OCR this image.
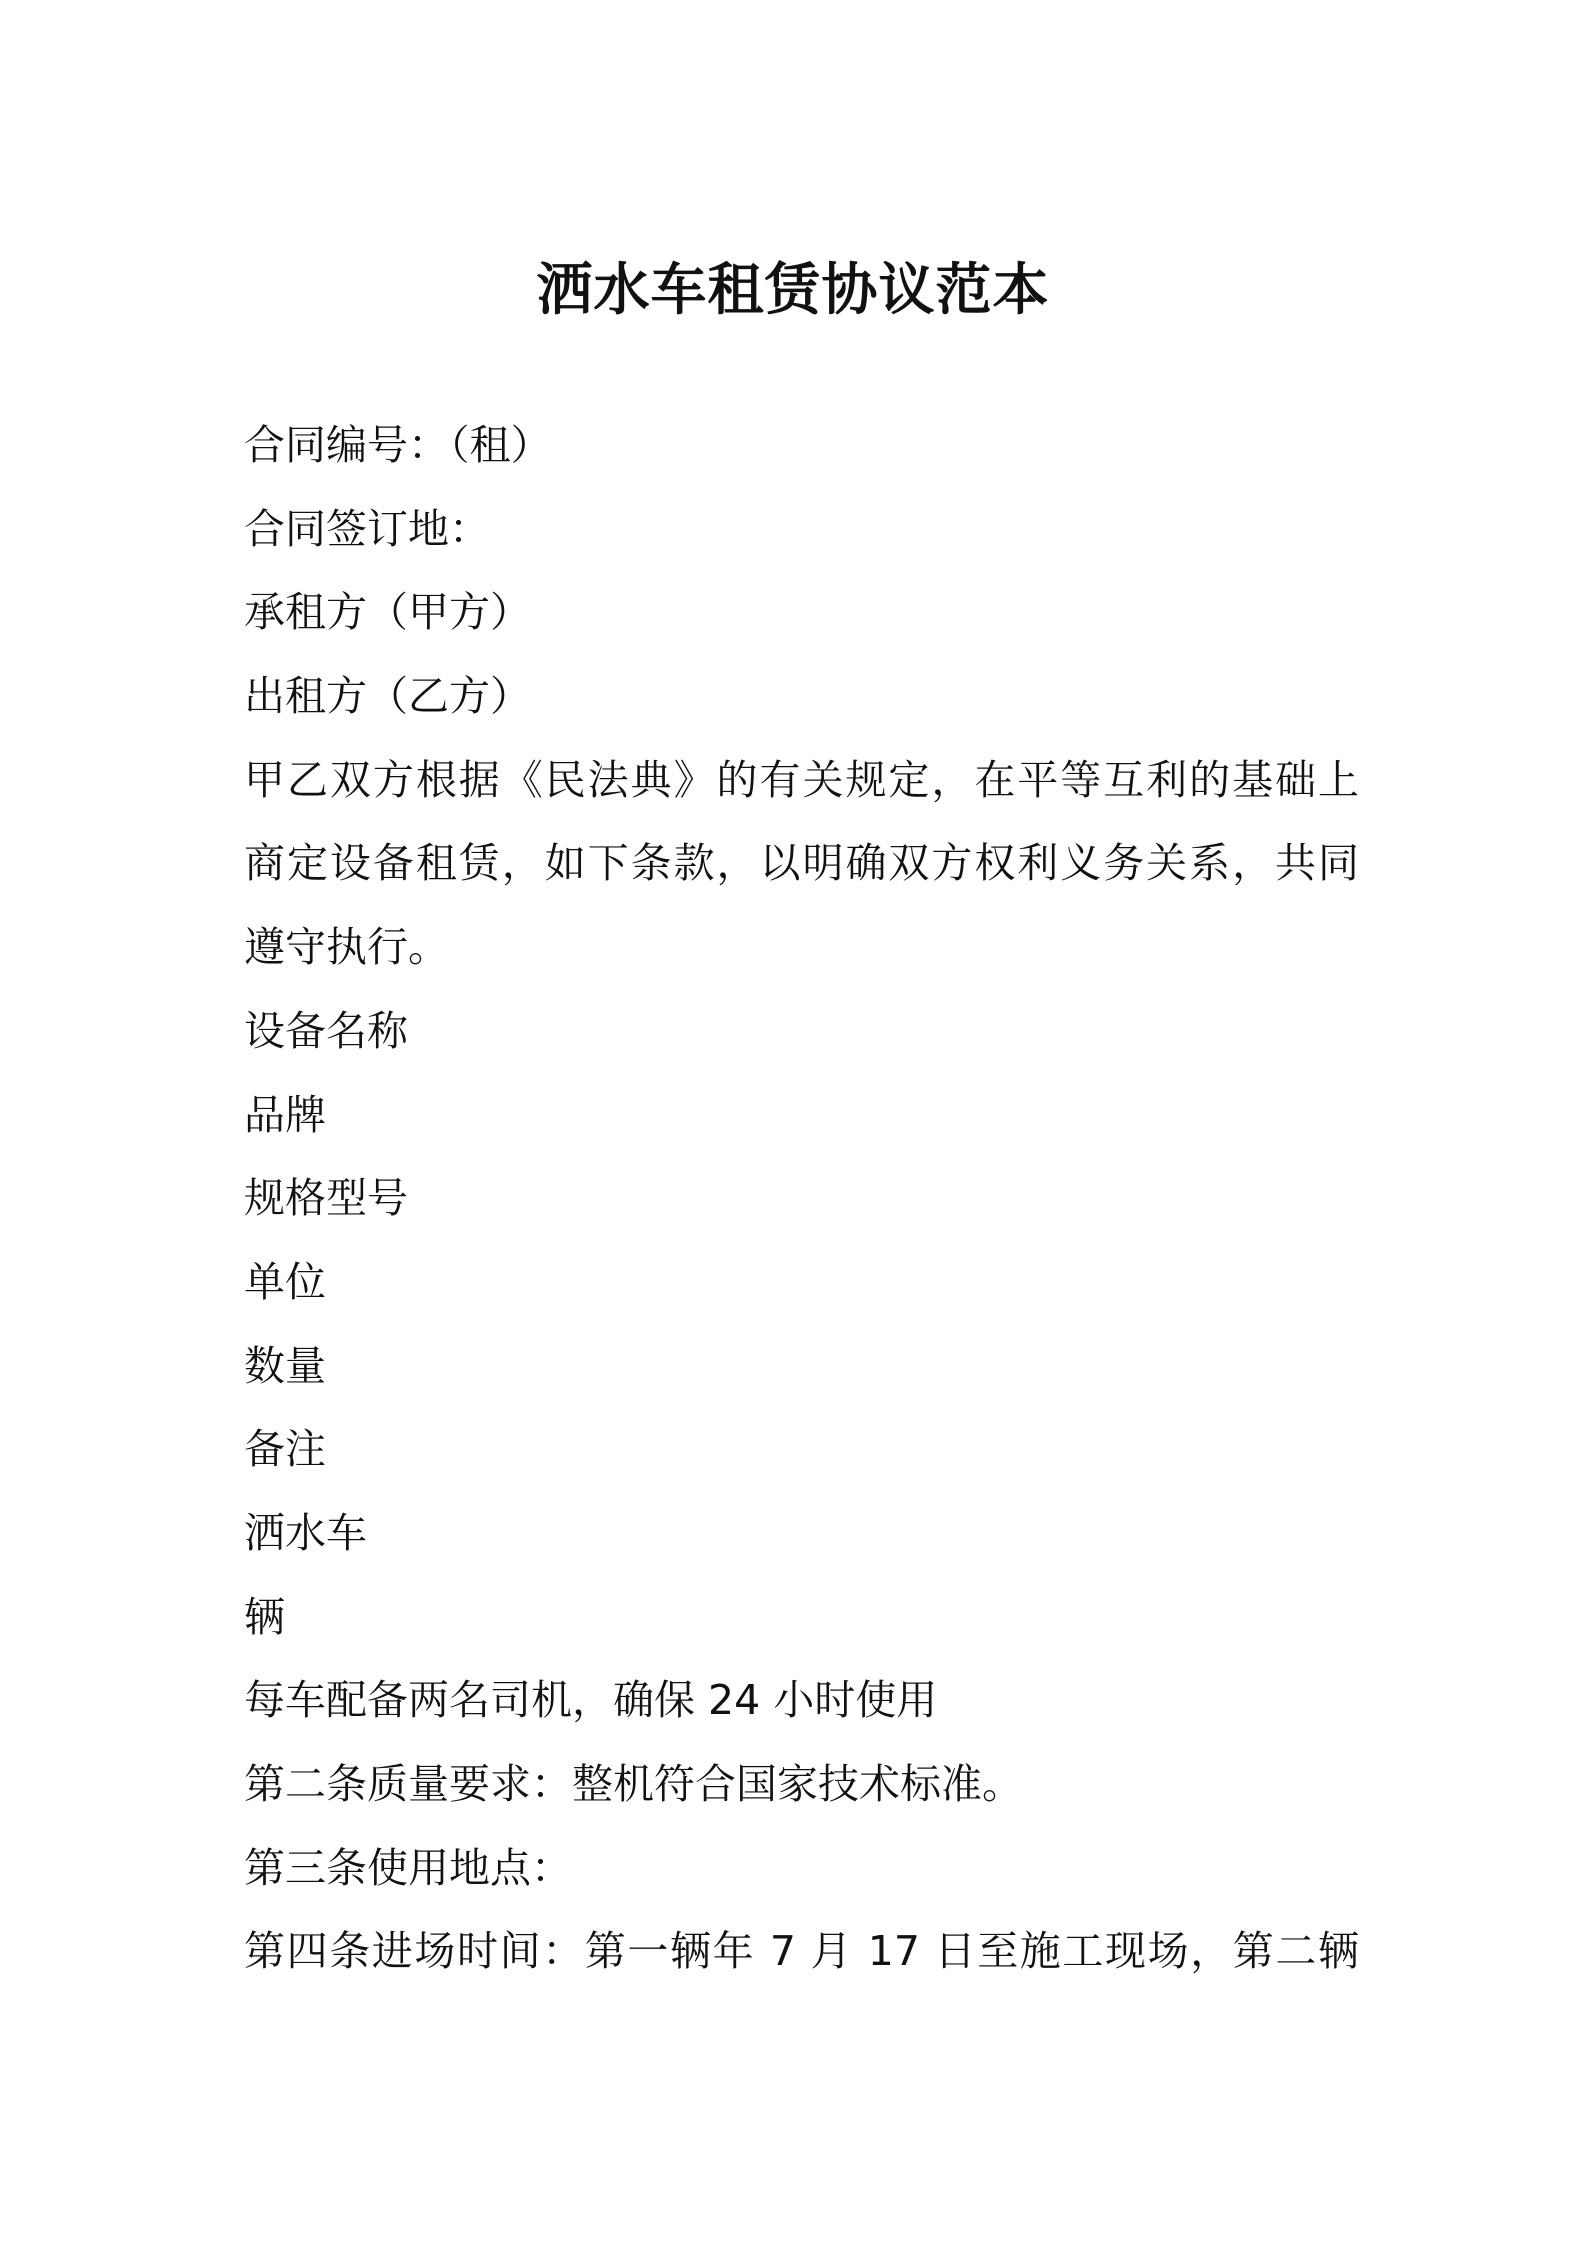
洒水车租赁协议范本
合同编号：（租）
合同签订地：
承租方（甲方）
出租方（乙方）
甲乙双方根据《民法典》的有关规定，在平等互利的基础上
商定设备租赁，如下条款，以明确双方权利义务关系，共同
遵守执行。
设备名称
品牌
规格型号
单位
数量
备注
洒水车
辆
每车配备两名司机，确保 24 小时使用
第二条质量要求：整机符合国家技术标准。
第三条使用地点：
第四条进场时间：第一辆年 7 月 17 日至施工现场，第二辆
